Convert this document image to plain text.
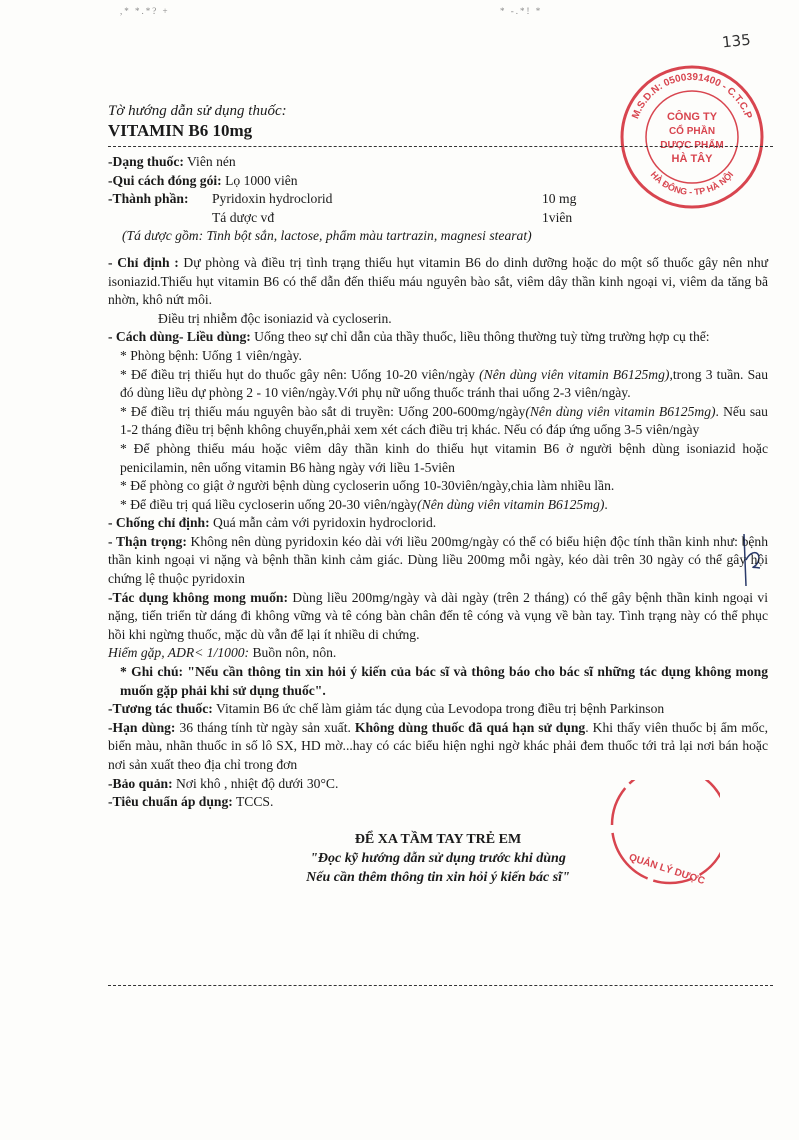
,* *.*? +	* -.*! *
135
M.S.D.N: 0500391400 - C.T.C.P
HÀ ĐÔNG - TP HÀ NỘI
CÔNG TY
CỔ PHẦN
DƯỢC PHẨM
HÀ TÂY
QUẢN LÝ DƯỢC
Tờ hướng dẫn sử dụng thuốc:
VITAMIN B6 10mg

-Dạng thuốc: Viên nén

-Qui cách đóng gói: Lọ 1000 viên

-Thành phần:	Pyridoxin hydroclorid	10 mg
Tá dược vđ	1viên

(Tá dược gồm: Tinh bột sắn, lactose, phẩm màu tartrazin, magnesi stearat)

- Chỉ định : Dự phòng và điều trị tình trạng thiếu hụt vitamin B6 do dinh dưỡng hoặc do một số thuốc gây nên như isoniazid.Thiếu hụt vitamin B6 có thể dẫn đến thiếu máu nguyên bào sắt, viêm dây thần kinh ngoại vi, viêm da tăng bã nhờn, khô nứt môi.

Điều trị nhiễm độc isoniazid và cycloserin.

- Cách dùng- Liều dùng: Uống theo sự chỉ dẫn của thầy thuốc, liều thông thường tuỳ từng trường hợp cụ thể:

* Phòng bệnh: Uống 1 viên/ngày.

* Để điều trị thiếu hụt do thuốc gây nên: Uống 10-20 viên/ngày (Nên dùng viên vitamin B6125mg),trong 3 tuần. Sau đó dùng liều dự phòng 2 - 10 viên/ngày.Với phụ nữ uống thuốc tránh thai uống 2-3 viên/ngày.

* Để điều trị thiếu máu nguyên bào sắt di truyền: Uống 200-600mg/ngày(Nên dùng viên vitamin B6125mg). Nếu sau 1-2 tháng điều trị bệnh không chuyển,phải xem xét cách điều trị khác. Nếu có đáp ứng uống 3-5 viên/ngày

* Để phòng thiếu máu hoặc viêm dây thần kinh do thiếu hụt vitamin B6 ở người bệnh dùng isoniazid hoặc penicilamin, nên uống vitamin B6 hàng ngày với liều 1-5viên

* Để phòng co giật ở người bệnh dùng cycloserin uống 10-30viên/ngày,chia làm nhiều lần.

* Để điều trị quá liều cycloserin uống 20-30 viên/ngày(Nên dùng viên vitamin B6125mg).

- Chống chỉ định: Quá mẫn cảm với pyridoxin hydroclorid.

- Thận trọng: Không nên dùng pyridoxin kéo dài với liều 200mg/ngày có thể có biểu hiện độc tính thần kinh như: bệnh thần kinh ngoại vi nặng và bệnh thần kinh cảm giác. Dùng liều 200mg mỗi ngày, kéo dài trên 30 ngày có thể gây hội chứng lệ thuộc pyridoxin

-Tác dụng không mong muốn: Dùng liều 200mg/ngày và dài ngày (trên 2 tháng) có thể gây bệnh thần kinh ngoại vi nặng, tiến triển từ dáng đi không vững và tê cóng bàn chân đến tê cóng và vụng về bàn tay. Tình trạng này có thể phục hồi khi ngừng thuốc, mặc dù vẫn để lại ít nhiều di chứng.

Hiếm gặp, ADR< 1/1000: Buồn nôn, nôn.

* Ghi chú: "Nếu cần thông tin xin hỏi ý kiến của bác sĩ và thông báo cho bác sĩ những tác dụng không mong muốn gặp phải khi sử dụng thuốc".

-Tương tác thuốc: Vitamin B6 ức chế làm giảm tác dụng của Levodopa trong điều trị bệnh Parkinson

-Hạn dùng: 36 tháng tính từ ngày sản xuất. Không dùng thuốc đã quá hạn sử dụng. Khi thấy viên thuốc bị ẩm mốc, biến màu, nhãn thuốc in số lô SX, HD mờ...hay có các biểu hiện nghi ngờ khác phải đem thuốc tới trả lại nơi bán hoặc nơi sản xuất theo địa chỉ trong đơn

-Bảo quản: Nơi khô , nhiệt độ dưới 30°C.

-Tiêu chuẩn áp dụng: TCCS.

ĐỂ XA TẦM TAY TRẺ EM
"Đọc kỹ hướng dẫn sử dụng trước khi dùng
Nếu cần thêm thông tin xin hỏi ý kiến bác sĩ"
